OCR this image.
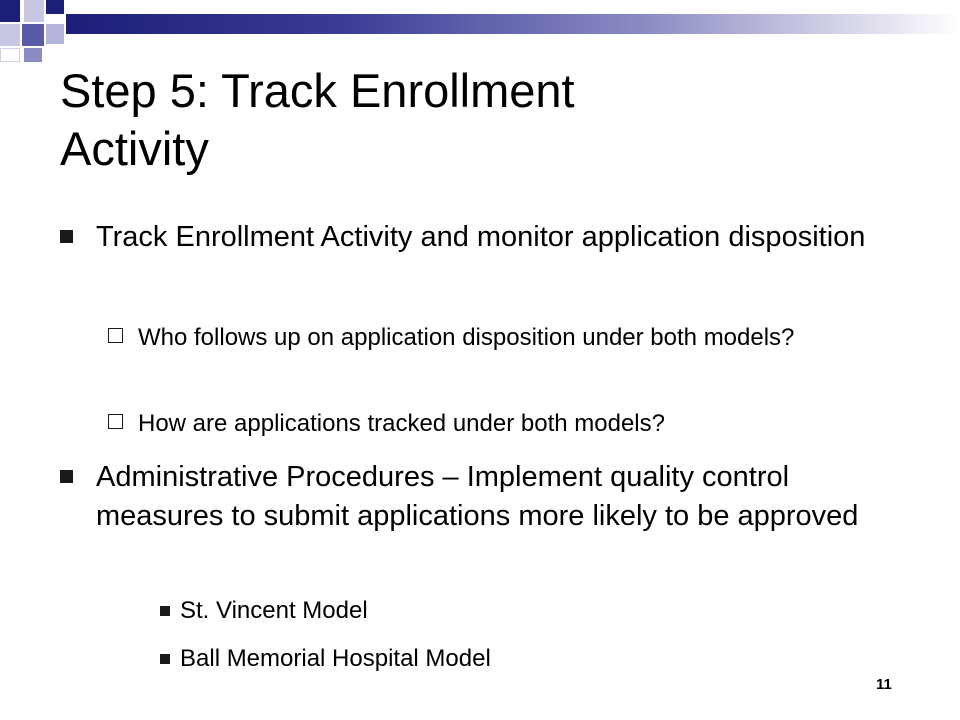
Step 5: Track Enrollment
Activity
Track Enrollment Activity and monitor application disposition
Who follows up on application disposition under both models?
How are applications tracked under both models?
Administrative Procedures – Implement quality control measures to submit applications more likely to be approved
St. Vincent Model
Ball Memorial Hospital Model
11
